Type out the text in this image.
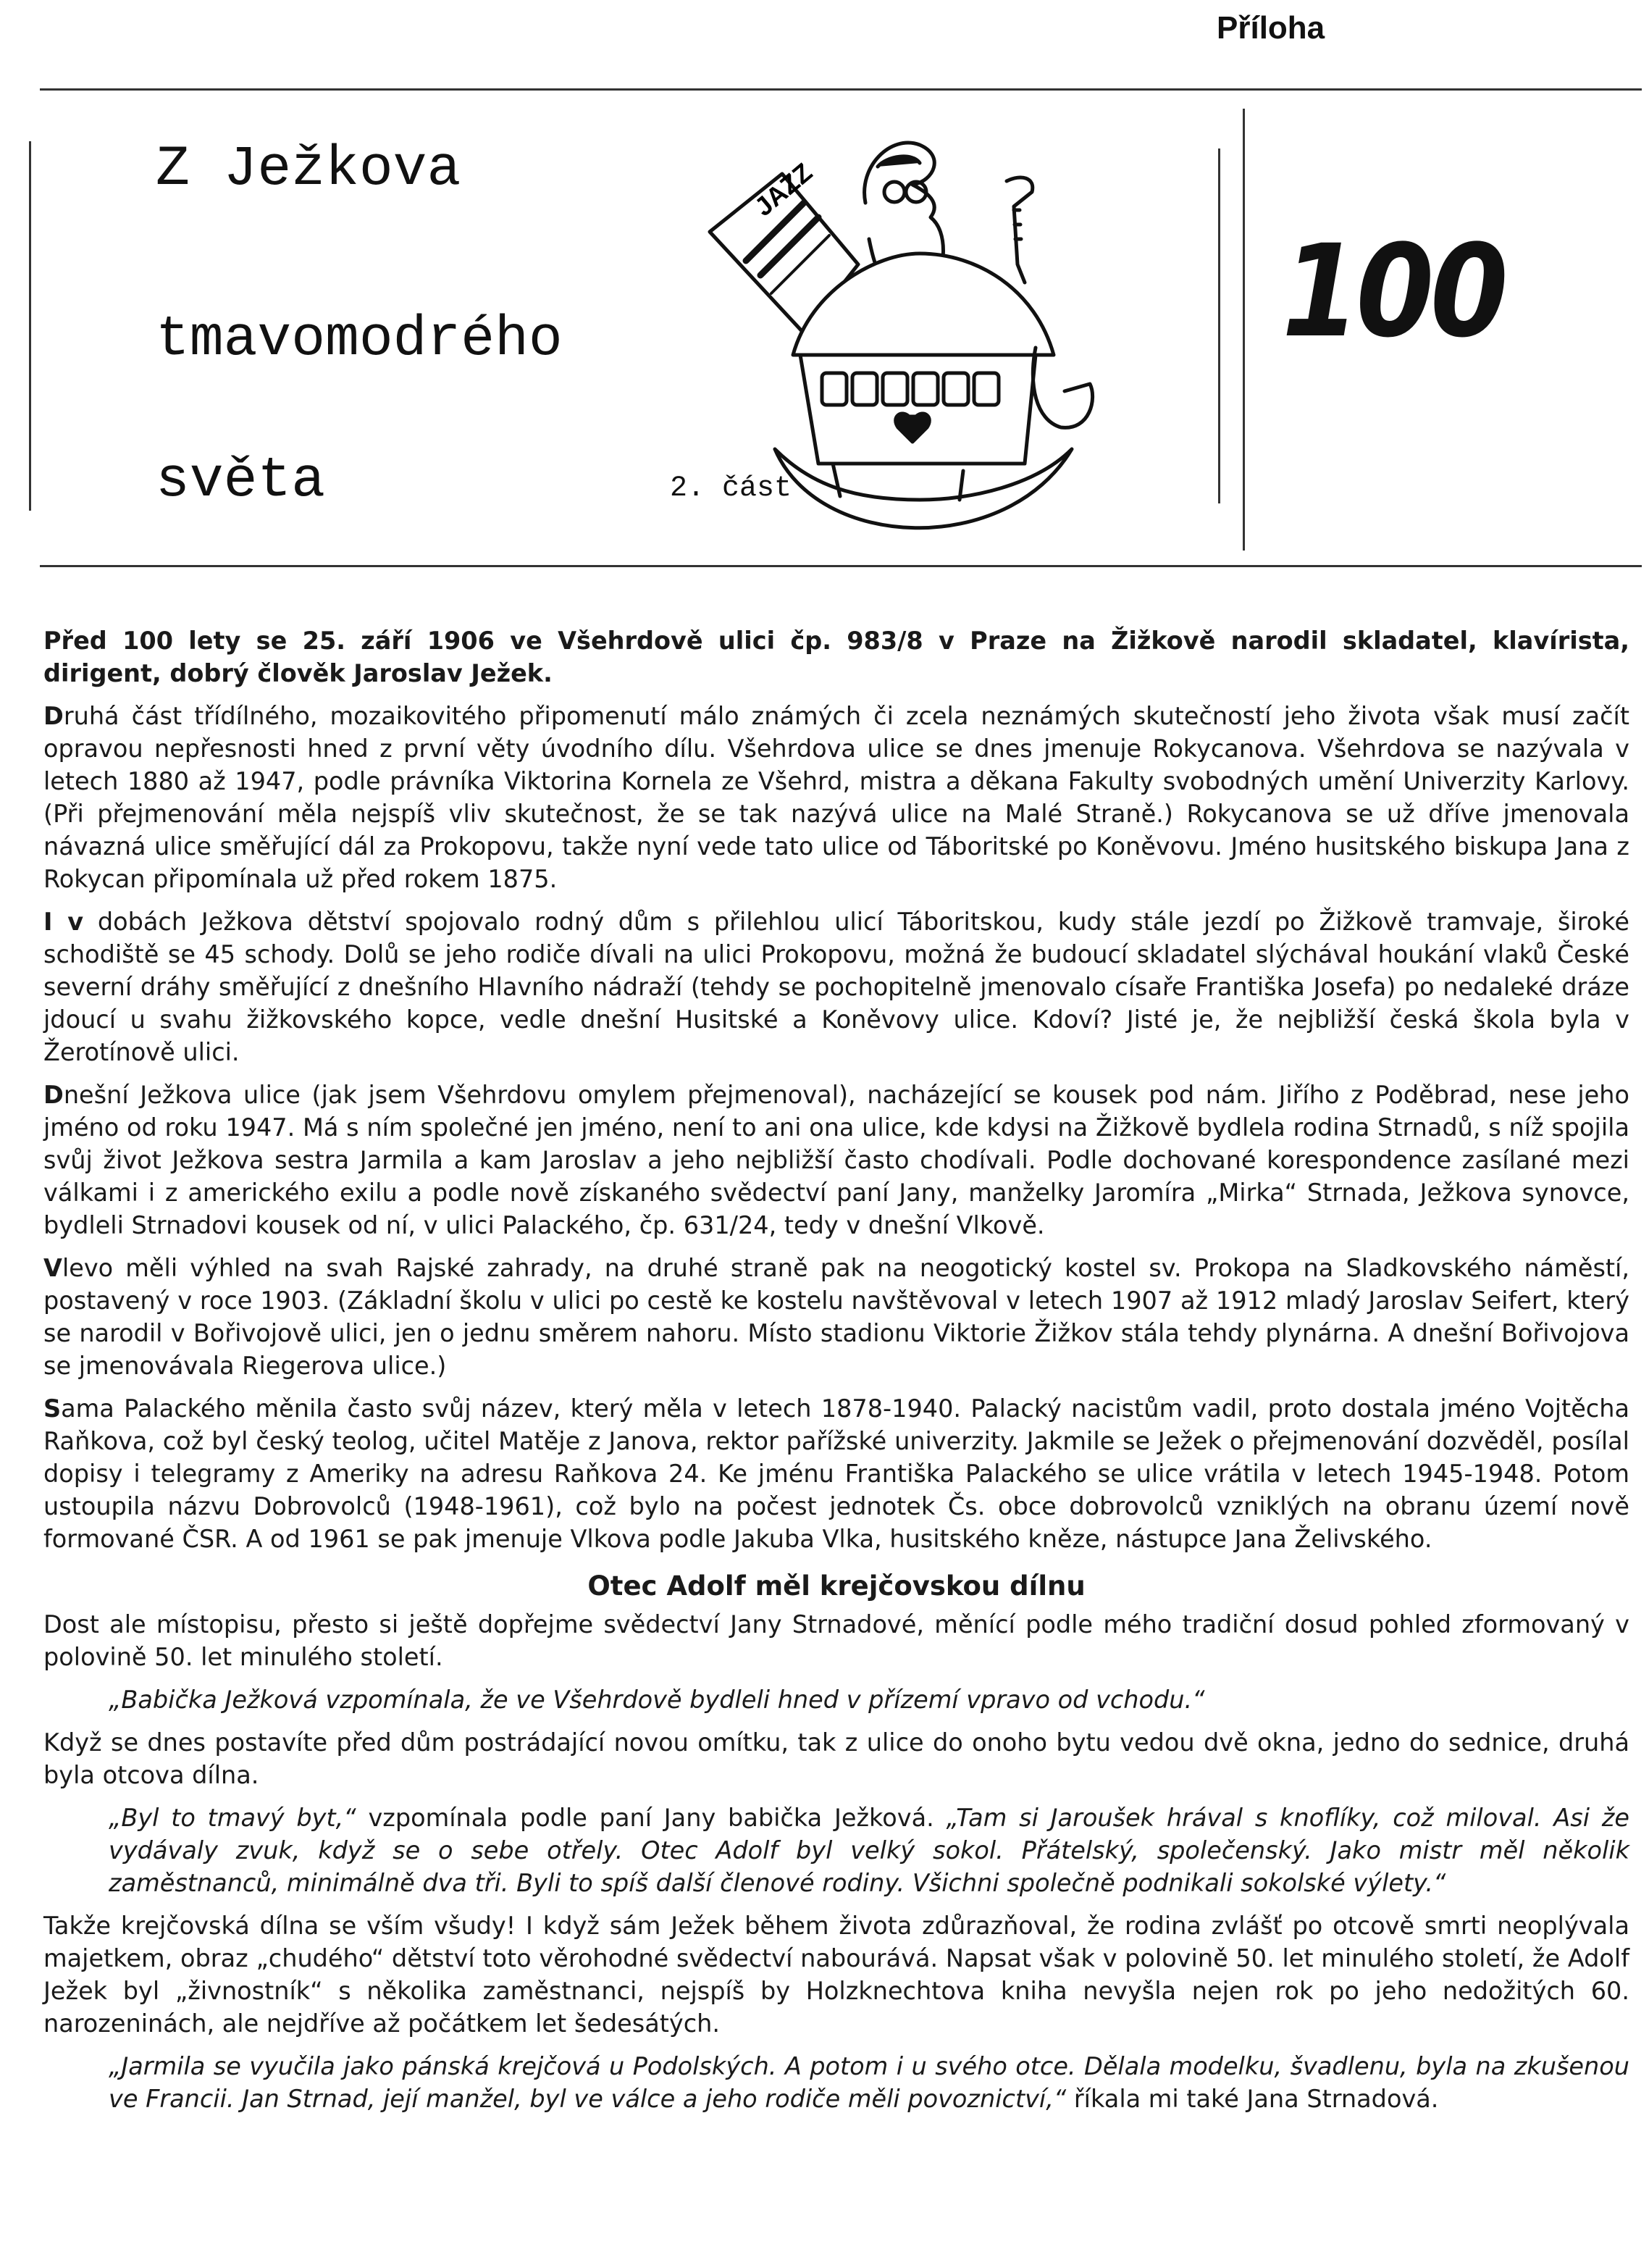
Příloha
Z Ježkova
tmavomodrého
světa	2. část
JAZZ
100

Před 100 lety se 25. září 1906 ve Všehrdově ulici čp. 983/8 v Praze na Žižkově narodil skladatel, klavírista, dirigent, dobrý člověk Jaroslav Ježek.

Druhá část třídílného, mozaikovitého připomenutí málo známých či zcela neznámých skutečností jeho života však musí začít opravou nepřesnosti hned z první věty úvodního dílu. Všehrdova ulice se dnes jmenuje Rokycanova. Všehrdova se nazývala v letech 1880 až 1947, podle právníka Viktorina Kornela ze Všehrd, mistra a děkana Fakulty svobodných umění Univerzity Karlovy. (Při přejmenování měla nejspíš vliv skutečnost, že se tak nazývá ulice na Malé Straně.) Rokycanova se už dříve jmenovala návazná ulice směřující dál za Prokopovu, takže nyní vede tato ulice od Táboritské po Koněvovu. Jméno husitského biskupa Jana z Rokycan připomínala už před rokem 1875.

I v dobách Ježkova dětství spojovalo rodný dům s přilehlou ulicí Táboritskou, kudy stále jezdí po Žižkově tramvaje, široké schodiště se 45 schody. Dolů se jeho rodiče dívali na ulici Prokopovu, možná že budoucí skladatel slýchával houkání vlaků České severní dráhy směřující z dnešního Hlavního nádraží (tehdy se pochopitelně jmenovalo císaře Františka Josefa) po nedaleké dráze jdoucí u svahu žižkovského kopce, vedle dnešní Husitské a Koněvovy ulice. Kdoví? Jisté je, že nejbližší česká škola byla v Žerotínově ulici.

Dnešní Ježkova ulice (jak jsem Všehrdovu omylem přejmenoval), nacházející se kousek pod nám. Jiřího z Poděbrad, nese jeho jméno od roku 1947. Má s ním společné jen jméno, není to ani ona ulice, kde kdysi na Žižkově bydlela rodina Strnadů, s níž spojila svůj život Ježkova sestra Jarmila a kam Jaroslav a jeho nejbližší často chodívali. Podle dochované korespondence zasílané mezi válkami i z amerického exilu a podle nově získaného svědectví paní Jany, manželky Jaromíra „Mirka“ Strnada, Ježkova synovce, bydleli Strnadovi kousek od ní, v ulici Palackého, čp. 631/24, tedy v dnešní Vlkově.

Vlevo měli výhled na svah Rajské zahrady, na druhé straně pak na neogotický kostel sv. Prokopa na Sladkovského náměstí, postavený v roce 1903. (Základní školu v ulici po cestě ke kostelu navštěvoval v letech 1907 až 1912 mladý Jaroslav Seifert, který se narodil v Bořivojově ulici, jen o jednu směrem nahoru. Místo stadionu Viktorie Žižkov stála tehdy plynárna. A dnešní Bořivojova se jmenovávala Riegerova ulice.)

Sama Palackého měnila často svůj název, který měla v letech 1878-1940. Palacký nacistům vadil, proto dostala jméno Vojtěcha Raňkova, což byl český teolog, učitel Matěje z Janova, rektor pařížské univerzity. Jakmile se Ježek o přejmenování dozvěděl, posílal dopisy i telegramy z Ameriky na adresu Raňkova 24. Ke jménu Františka Palackého se ulice vrátila v letech 1945-1948. Potom ustoupila názvu Dobrovolců (1948-1961), což bylo na počest jednotek Čs. obce dobrovolců vzniklých na obranu území nově formované ČSR. A od 1961 se pak jmenuje Vlkova podle Jakuba Vlka, husitského kněze, nástupce Jana Želivského.

Otec Adolf měl krejčovskou dílnu

Dost ale místopisu, přesto si ještě dopřejme svědectví Jany Strnadové, měnící podle mého tradiční dosud pohled zformovaný v polovině 50. let minulého století.

„Babička Ježková vzpomínala, že ve Všehrdově bydleli hned v přízemí vpravo od vchodu.“

Když se dnes postavíte před dům postrádající novou omítku, tak z ulice do onoho bytu vedou dvě okna, jedno do sednice, druhá byla otcova dílna.

„Byl to tmavý byt,“ vzpomínala podle paní Jany babička Ježková. „Tam si Jaroušek hrával s knoflíky, což miloval. Asi že vydávaly zvuk, když se o sebe otřely. Otec Adolf byl velký sokol. Přátelský, společenský. Jako mistr měl několik zaměstnanců, minimálně dva tři. Byli to spíš další členové rodiny. Všichni společně podnikali sokolské výlety.“

Takže krejčovská dílna se vším všudy! I když sám Ježek během života zdůrazňoval, že rodina zvlášť po otcově smrti neoplývala majetkem, obraz „chudého“ dětství toto věrohodné svědectví nabourává. Napsat však v polovině 50. let minulého století, že Adolf Ježek byl „živnostník“ s několika zaměstnanci, nejspíš by Holzknechtova kniha nevyšla nejen rok po jeho nedožitých 60. narozeninách, ale nejdříve až počátkem let šedesátých.

„Jarmila se vyučila jako pánská krejčová u Podolských. A potom i u svého otce. Dělala modelku, švadlenu, byla na zkušenou ve Francii. Jan Strnad, její manžel, byl ve válce a jeho rodiče měli povoznictví,“ říkala mi také Jana Strnadová.
